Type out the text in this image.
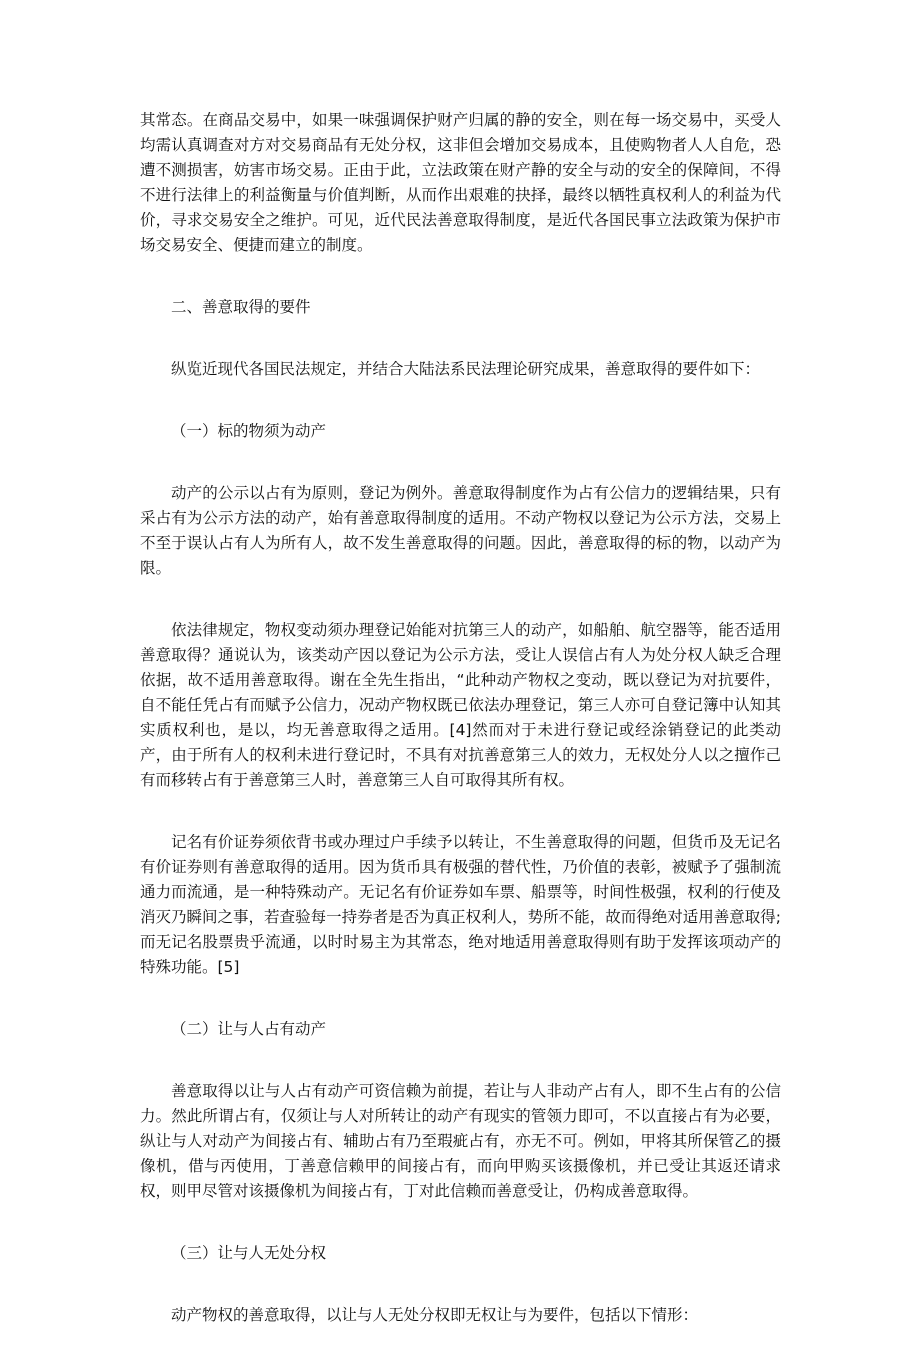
其常态。在商品交易中，如果一味强调保护财产归属的静的安全，则在每一场交易中，买受人均需认真调查对方对交易商品有无处分权，这非但会增加交易成本，且使购物者人人自危，恐遭不测损害，妨害市场交易。正由于此，立法政策在财产静的安全与动的安全的保障间，不得不进行法律上的利益衡量与价值判断，从而作出艰难的抉择，最终以牺牲真权利人的利益为代价，寻求交易安全之维护。可见，近代民法善意取得制度，是近代各国民事立法政策为保护市场交易安全、便捷而建立的制度。

二、善意取得的要件

纵览近现代各国民法规定，并结合大陆法系民法理论研究成果，善意取得的要件如下：

（一）标的物须为动产

动产的公示以占有为原则，登记为例外。善意取得制度作为占有公信力的逻辑结果，只有采占有为公示方法的动产，始有善意取得制度的适用。不动产物权以登记为公示方法，交易上不至于误认占有人为所有人，故不发生善意取得的问题。因此，善意取得的标的物，以动产为限。

依法律规定，物权变动须办理登记始能对抗第三人的动产，如船舶、航空器等，能否适用善意取得？通说认为，该类动产因以登记为公示方法，受让人误信占有人为处分权人缺乏合理依据，故不适用善意取得。谢在全先生指出，“此种动产物权之变动，既以登记为对抗要件，自不能任凭占有而赋予公信力，况动产物权既已依法办理登记，第三人亦可自登记簿中认知其实质权利也，是以，均无善意取得之适用。[4]然而对于未进行登记或经涂销登记的此类动产，由于所有人的权利未进行登记时，不具有对抗善意第三人的效力，无权处分人以之擅作己有而移转占有于善意第三人时，善意第三人自可取得其所有权。

记名有价证券须依背书或办理过户手续予以转让，不生善意取得的问题，但货币及无记名有价证券则有善意取得的适用。因为货币具有极强的替代性，乃价值的表彰，被赋予了强制流通力而流通，是一种特殊动产。无记名有价证券如车票、船票等，时间性极强，权利的行使及消灭乃瞬间之事，若查验每一持券者是否为真正权利人，势所不能，故而得绝对适用善意取得; 而无记名股票贵乎流通，以时时易主为其常态，绝对地适用善意取得则有助于发挥该项动产的特殊功能。[5]

（二）让与人占有动产

善意取得以让与人占有动产可资信赖为前提，若让与人非动产占有人，即不生占有的公信力。然此所谓占有，仅须让与人对所转让的动产有现实的管领力即可，不以直接占有为必要，纵让与人对动产为间接占有、辅助占有乃至瑕疵占有，亦无不可。例如，甲将其所保管乙的摄像机，借与丙使用，丁善意信赖甲的间接占有，而向甲购买该摄像机，并已受让其返还请求权，则甲尽管对该摄像机为间接占有，丁对此信赖而善意受让，仍构成善意取得。

（三）让与人无处分权

动产物权的善意取得，以让与人无处分权即无权让与为要件，包括以下情形：
